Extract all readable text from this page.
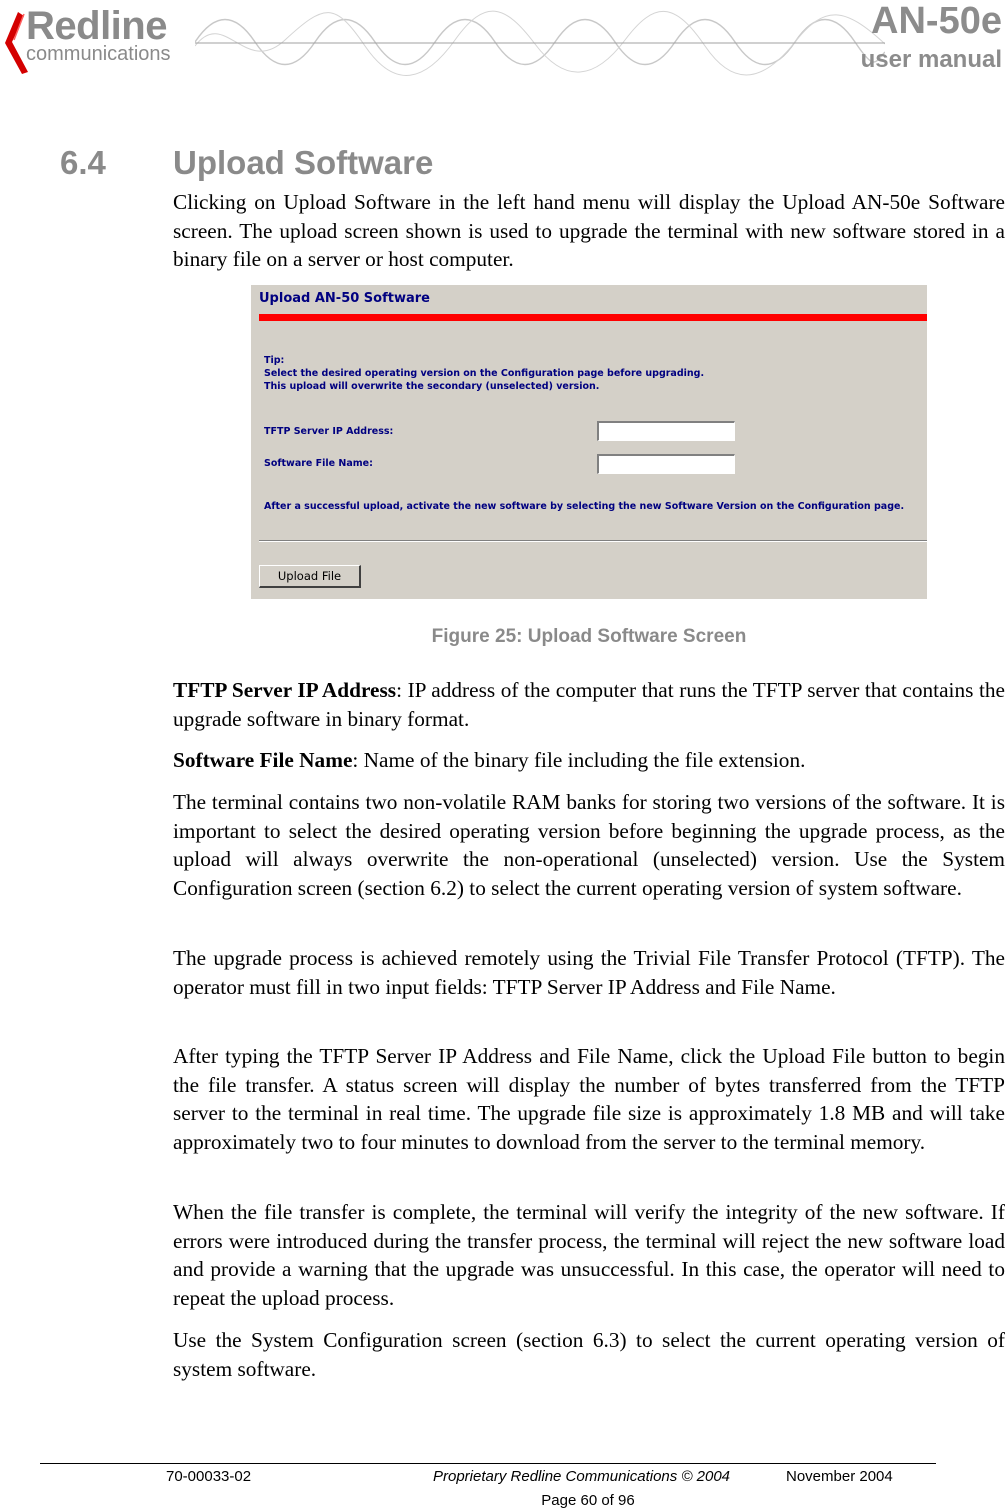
Redline
communications
AN-50e
user manual
6.4 Upload Software

Clicking on Upload Software in the left hand menu will display the Upload AN-50e Software screen. The upload screen shown is used to upgrade the terminal with new software stored in a binary file on a server or host computer.

Upload AN-50 Software
Tip:
Select the desired operating version on the Configuration page before upgrading.
This upload will overwrite the secondary (unselected) version.
TFTP Server IP Address:
Software File Name:
After a successful upload, activate the new software by selecting the new Software Version on the Configuration page.
Upload File
Figure 25: Upload Software Screen

TFTP Server IP Address: IP address of the computer that runs the TFTP server that contains the upgrade software in binary format.

Software File Name: Name of the binary file including the file extension.

The terminal contains two non-volatile RAM banks for storing two versions of the software. It is important to select the desired operating version before beginning the upgrade process, as the upload will always overwrite the non-operational (unselected) version. Use the System Configuration screen (section 6.2) to select the current operating version of system software.

The upgrade process is achieved remotely using the Trivial File Transfer Protocol (TFTP). The operator must fill in two input fields: TFTP Server IP Address and File Name.

After typing the TFTP Server IP Address and File Name, click the Upload File button to begin the file transfer. A status screen will display the number of bytes transferred from the TFTP server to the terminal in real time. The upgrade file size is approximately 1.8 MB and will take approximately two to four minutes to download from the server to the terminal memory.

When the file transfer is complete, the terminal will verify the integrity of the new software. If errors were introduced during the transfer process, the terminal will reject the new software load and provide a warning that the upgrade was unsuccessful. In this case, the operator will need to repeat the upload process.

Use the System Configuration screen (section 6.3) to select the current operating version of system software.

70-00033-02	Proprietary Redline Communications © 2004	November 2004
Page 60 of 96
